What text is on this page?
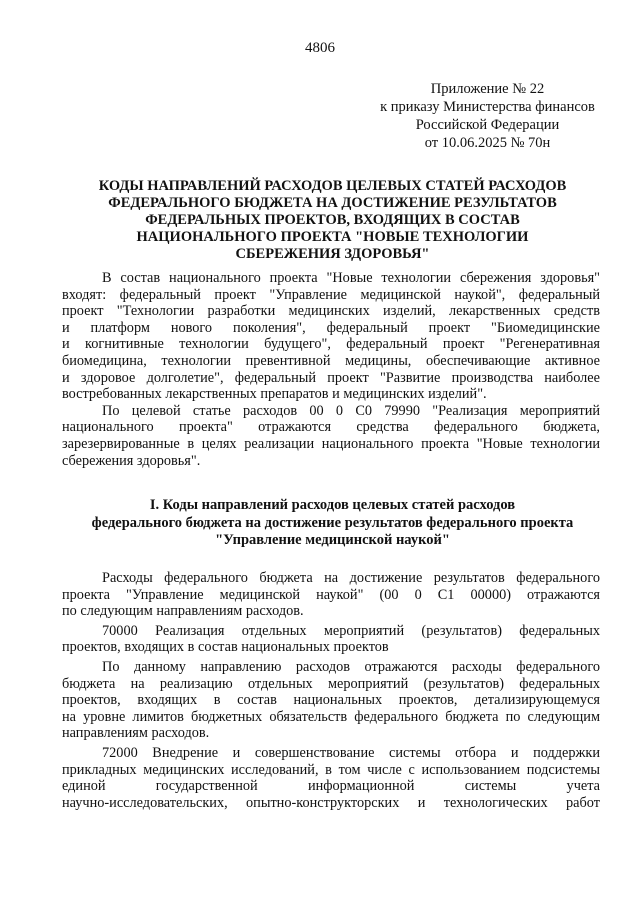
4806
Приложение № 22
к приказу Министерства финансов
Российской Федерации
от 10.06.2025 № 70н
КОДЫ НАПРАВЛЕНИЙ РАСХОДОВ ЦЕЛЕВЫХ СТАТЕЙ РАСХОДОВ
ФЕДЕРАЛЬНОГО БЮДЖЕТА НА ДОСТИЖЕНИЕ РЕЗУЛЬТАТОВ
ФЕДЕРАЛЬНЫХ ПРОЕКТОВ, ВХОДЯЩИХ В СОСТАВ
НАЦИОНАЛЬНОГО ПРОЕКТА "НОВЫЕ ТЕХНОЛОГИИ
СБЕРЕЖЕНИЯ ЗДОРОВЬЯ"

В состав национального проекта "Новые технологии сбережения здоровья"
входят: федеральный проект "Управление медицинской наукой", федеральный
проект "Технологии разработки медицинских изделий, лекарственных средств
и платформ нового поколения", федеральный проект "Биомедицинские
и когнитивные технологии будущего", федеральный проект "Регенеративная
биомедицина, технологии превентивной медицины, обеспечивающие активное
и здоровое долголетие", федеральный проект "Развитие производства наиболее
востребованных лекарственных препаратов и медицинских изделий".

По целевой статье расходов 00 0 С0 79990 "Реализация мероприятий
национального проекта" отражаются средства федерального бюджета,
зарезервированные в целях реализации национального проекта "Новые технологии
сбережения здоровья".

I. Коды направлений расходов целевых статей расходов
федерального бюджета на достижение результатов федерального проекта
"Управление медицинской наукой"

Расходы федерального бюджета на достижение результатов федерального
проекта "Управление медицинской наукой" (00 0 С1 00000) отражаются
по следующим направлениям расходов.

70000 Реализация отдельных мероприятий (результатов) федеральных
проектов, входящих в состав национальных проектов

По данному направлению расходов отражаются расходы федерального
бюджета на реализацию отдельных мероприятий (результатов) федеральных
проектов, входящих в состав национальных проектов, детализирующемуся
на уровне лимитов бюджетных обязательств федерального бюджета по следующим
направлениям расходов.

72000 Внедрение и совершенствование системы отбора и поддержки
прикладных медицинских исследований, в том числе с использованием подсистемы
единой государственной информационной системы учета
научно-исследовательских, опытно-конструкторских и технологических работ
